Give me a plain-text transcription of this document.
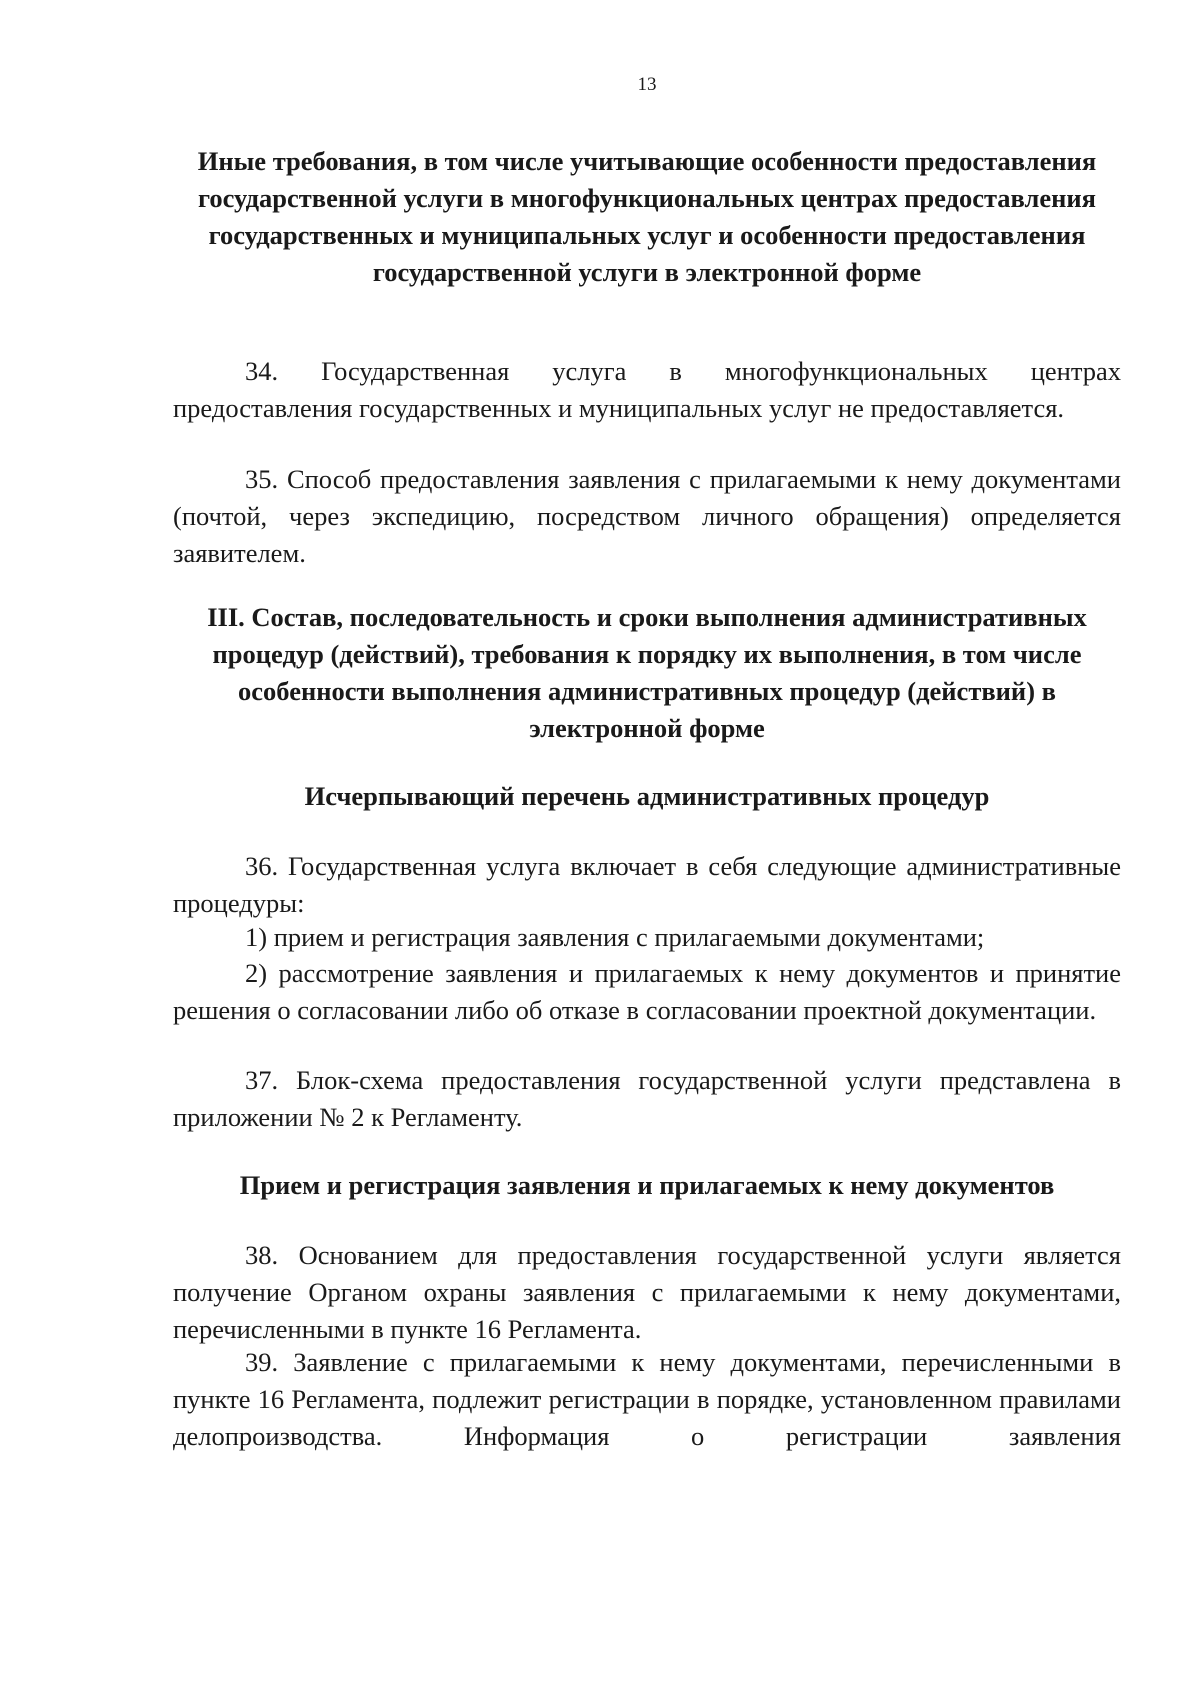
13
Иные требования, в том числе учитывающие особенности предоставления государственной услуги в многофункциональных центрах предоставления государственных и муниципальных услуг и особенности предоставления государственной услуги в электронной форме
34. Государственная услуга в многофункциональных центрах предоставления государственных и муниципальных услуг не предоставляется.
35. Способ предоставления заявления с прилагаемыми к нему документами (почтой, через экспедицию, посредством личного обращения) определяется заявителем.
III. Состав, последовательность и сроки выполнения административных процедур (действий), требования к порядку их выполнения, в том числе особенности выполнения административных процедур (действий) в электронной форме
Исчерпывающий перечень административных процедур
36. Государственная услуга включает в себя следующие административные процедуры:
1) прием и регистрация заявления с прилагаемыми документами;
2) рассмотрение заявления и прилагаемых к нему документов и принятие решения о согласовании либо об отказе в согласовании проектной документации.
37. Блок-схема предоставления государственной услуги представлена в приложении № 2 к Регламенту.
Прием и регистрация заявления и прилагаемых к нему документов
38. Основанием для предоставления государственной услуги является получение Органом охраны заявления с прилагаемыми к нему документами, перечисленными в пункте 16 Регламента.
39. Заявление с прилагаемыми к нему документами, перечисленными в пункте 16 Регламента, подлежит регистрации в порядке, установленном правилами делопроизводства. Информация о регистрации заявления
